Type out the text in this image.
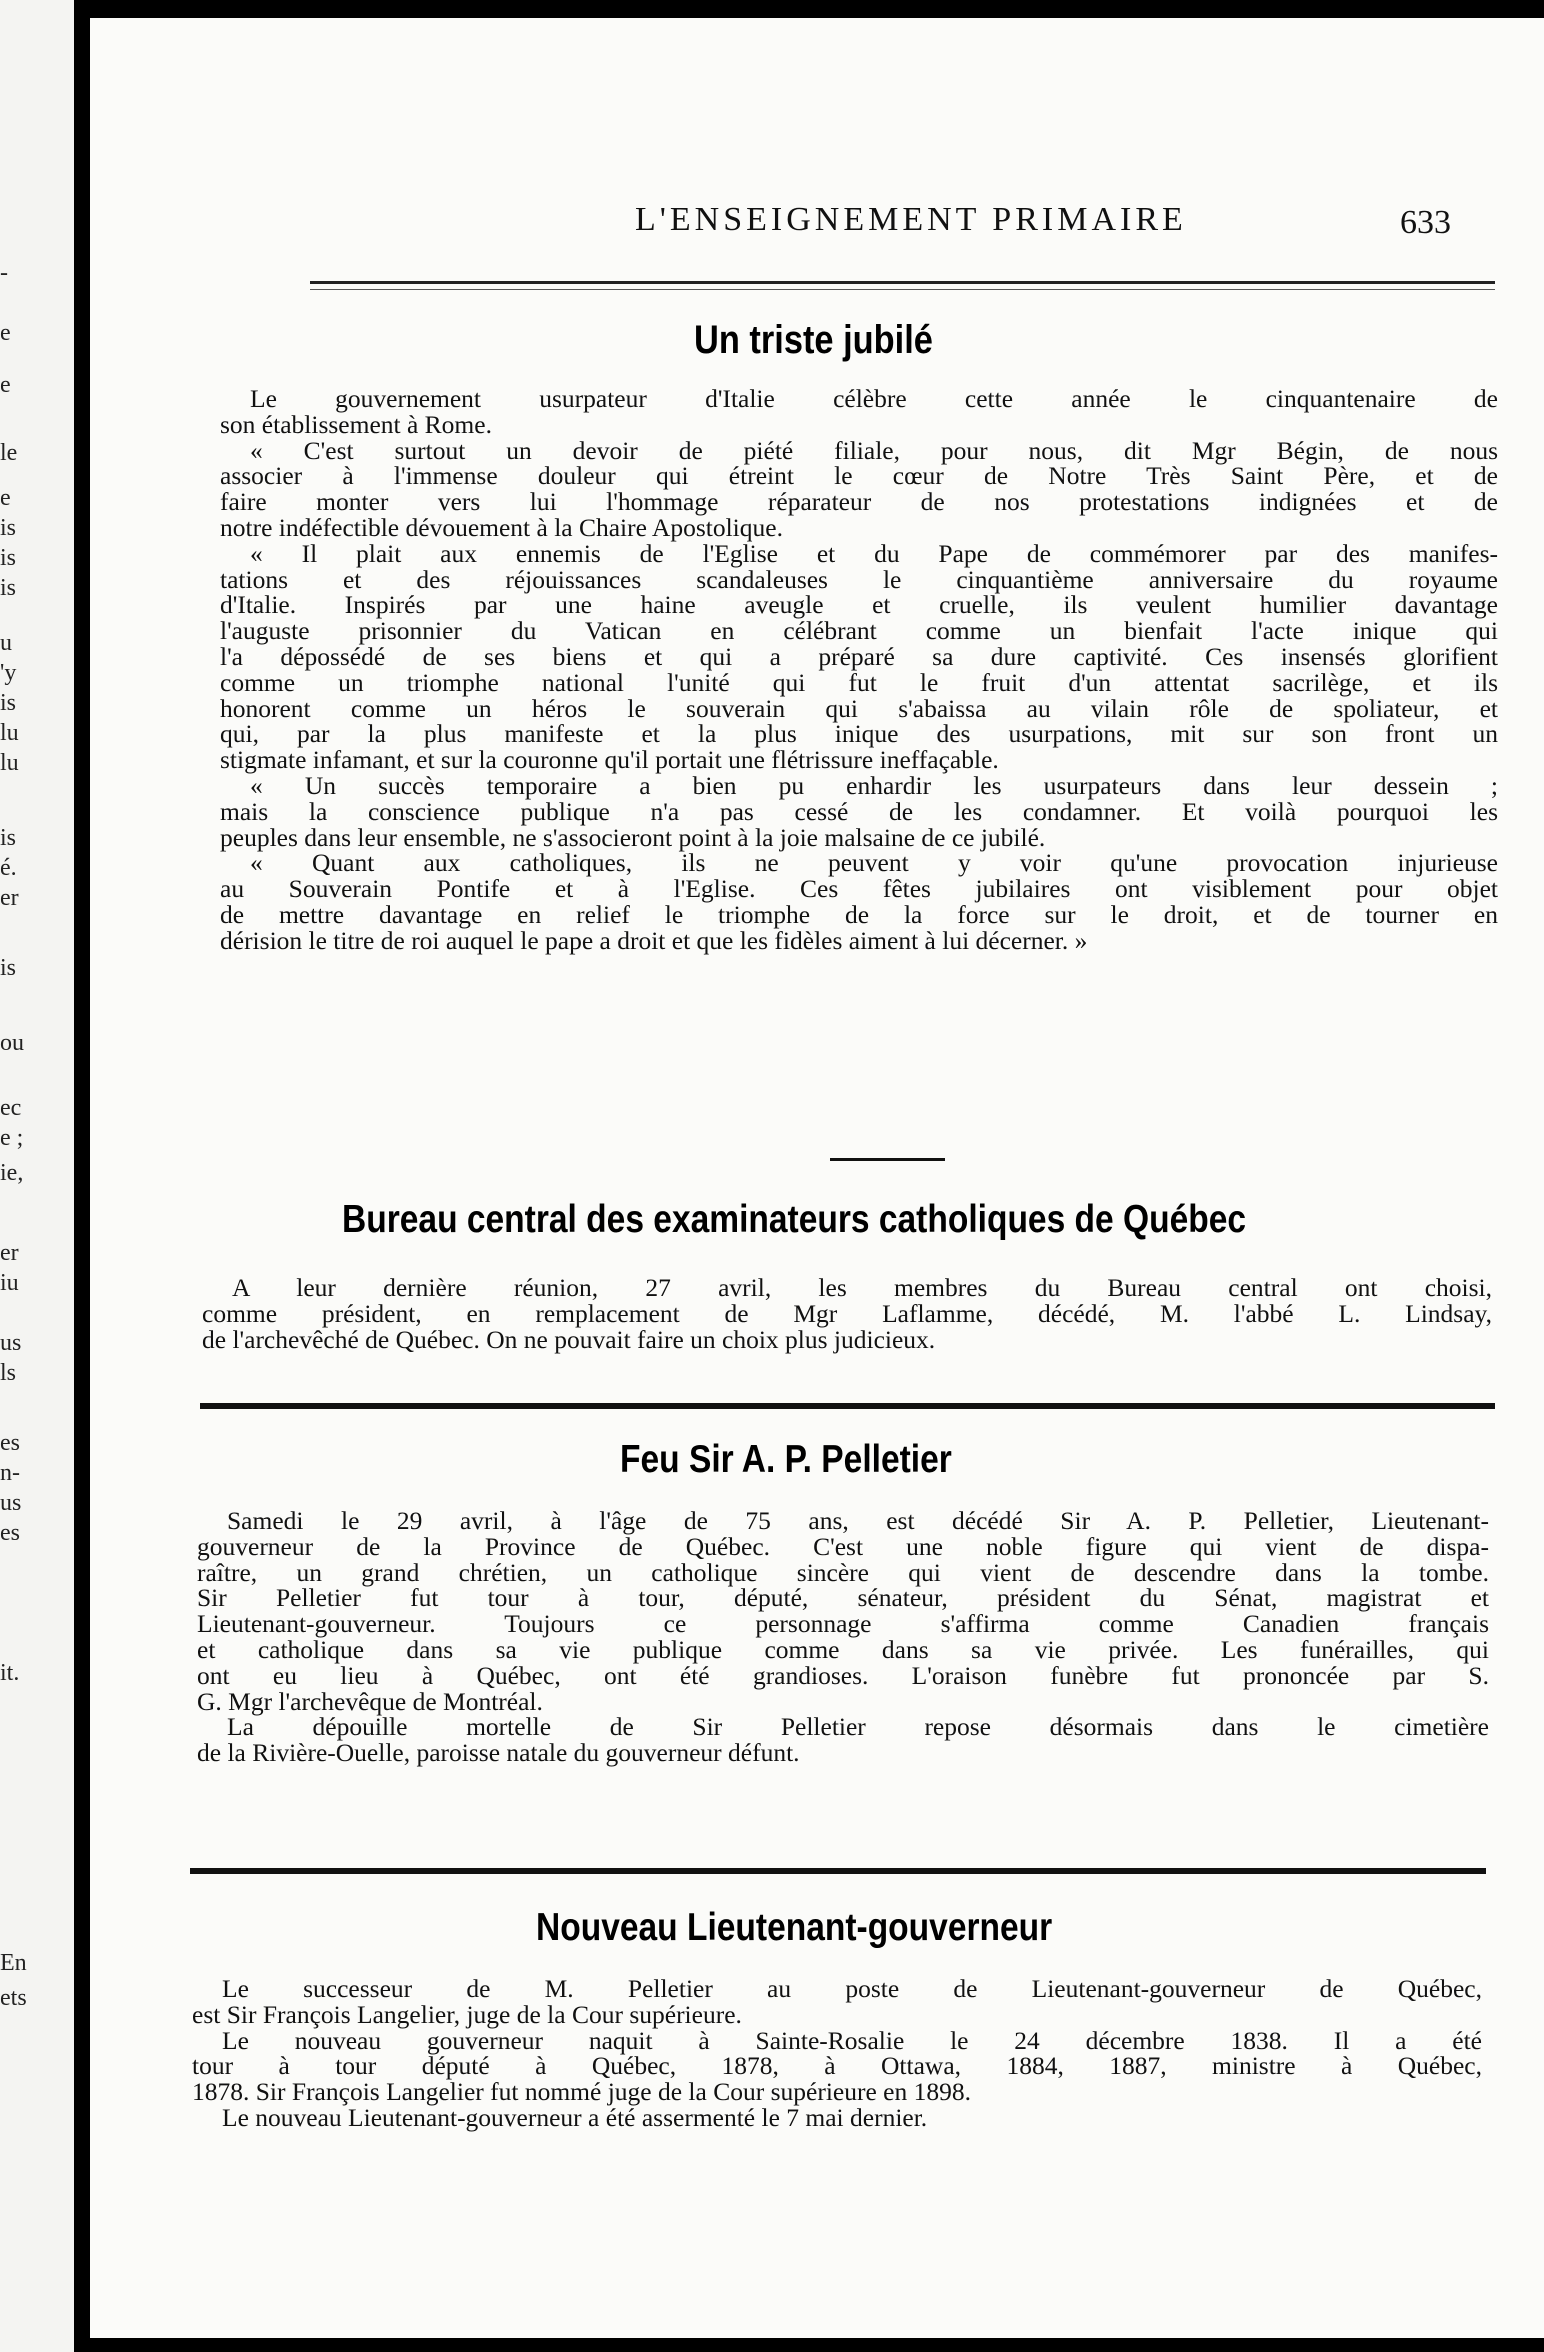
-
e
e
le
e
is
is
is
u
'y
is
lu
lu
is
é.
er
is
ou
ec
e ;
ie,
er
iu
us
ls
es
n-
us
es
it.
En
ets
L'ENSEIGNEMENT PRIMAIRE	633
Un triste jubilé
Le gouvernement usurpateur d'Italie célèbre cette année le cinquantenaire de
son établissement à Rome.
« C'est surtout un devoir de piété filiale, pour nous, dit Mgr Bégin, de nous
associer à l'immense douleur qui étreint le cœur de Notre Très Saint Père, et de
faire monter vers lui l'hommage réparateur de nos protestations indignées et de
notre indéfectible dévouement à la Chaire Apostolique.
« Il plait aux ennemis de l'Eglise et du Pape de commémorer par des manifes-
tations et des réjouissances scandaleuses le cinquantième anniversaire du royaume
d'Italie. Inspirés par une haine aveugle et cruelle, ils veulent humilier davantage
l'auguste prisonnier du Vatican en célébrant comme un bienfait l'acte inique qui
l'a dépossédé de ses biens et qui a préparé sa dure captivité. Ces insensés glorifient
comme un triomphe national l'unité qui fut le fruit d'un attentat sacrilège, et ils
honorent comme un héros le souverain qui s'abaissa au vilain rôle de spoliateur, et
qui, par la plus manifeste et la plus inique des usurpations, mit sur son front un
stigmate infamant, et sur la couronne qu'il portait une flétrissure ineffaçable.
« Un succès temporaire a bien pu enhardir les usurpateurs dans leur dessein ;
mais la conscience publique n'a pas cessé de les condamner. Et voilà pourquoi les
peuples dans leur ensemble, ne s'associeront point à la joie malsaine de ce jubilé.
« Quant aux catholiques, ils ne peuvent y voir qu'une provocation injurieuse
au Souverain Pontife et à l'Eglise. Ces fêtes jubilaires ont visiblement pour objet
de mettre davantage en relief le triomphe de la force sur le droit, et de tourner en
dérision le titre de roi auquel le pape a droit et que les fidèles aiment à lui décerner. »
Bureau central des examinateurs catholiques de Québec
A leur dernière réunion, 27 avril, les membres du Bureau central ont choisi,
comme président, en remplacement de Mgr Laflamme, décédé, M. l'abbé L. Lindsay,
de l'archevêché de Québec. On ne pouvait faire un choix plus judicieux.
Feu Sir A. P. Pelletier
Samedi le 29 avril, à l'âge de 75 ans, est décédé Sir A. P. Pelletier, Lieutenant-
gouverneur de la Province de Québec. C'est une noble figure qui vient de dispa-
raître, un grand chrétien, un catholique sincère qui vient de descendre dans la tombe.
Sir Pelletier fut tour à tour, député, sénateur, président du Sénat, magistrat et
Lieutenant-gouverneur. Toujours ce personnage s'affirma comme Canadien français
et catholique dans sa vie publique comme dans sa vie privée. Les funérailles, qui
ont eu lieu à Québec, ont été grandioses. L'oraison funèbre fut prononcée par S.
G. Mgr l'archevêque de Montréal.
La dépouille mortelle de Sir Pelletier repose désormais dans le cimetière
de la Rivière-Ouelle, paroisse natale du gouverneur défunt.
Nouveau Lieutenant-gouverneur
Le successeur de M. Pelletier au poste de Lieutenant-gouverneur de Québec,
est Sir François Langelier, juge de la Cour supérieure.
Le nouveau gouverneur naquit à Sainte-Rosalie le 24 décembre 1838. Il a été
tour à tour député à Québec, 1878, à Ottawa, 1884, 1887, ministre à Québec,
1878. Sir François Langelier fut nommé juge de la Cour supérieure en 1898.
Le nouveau Lieutenant-gouverneur a été assermenté le 7 mai dernier.
